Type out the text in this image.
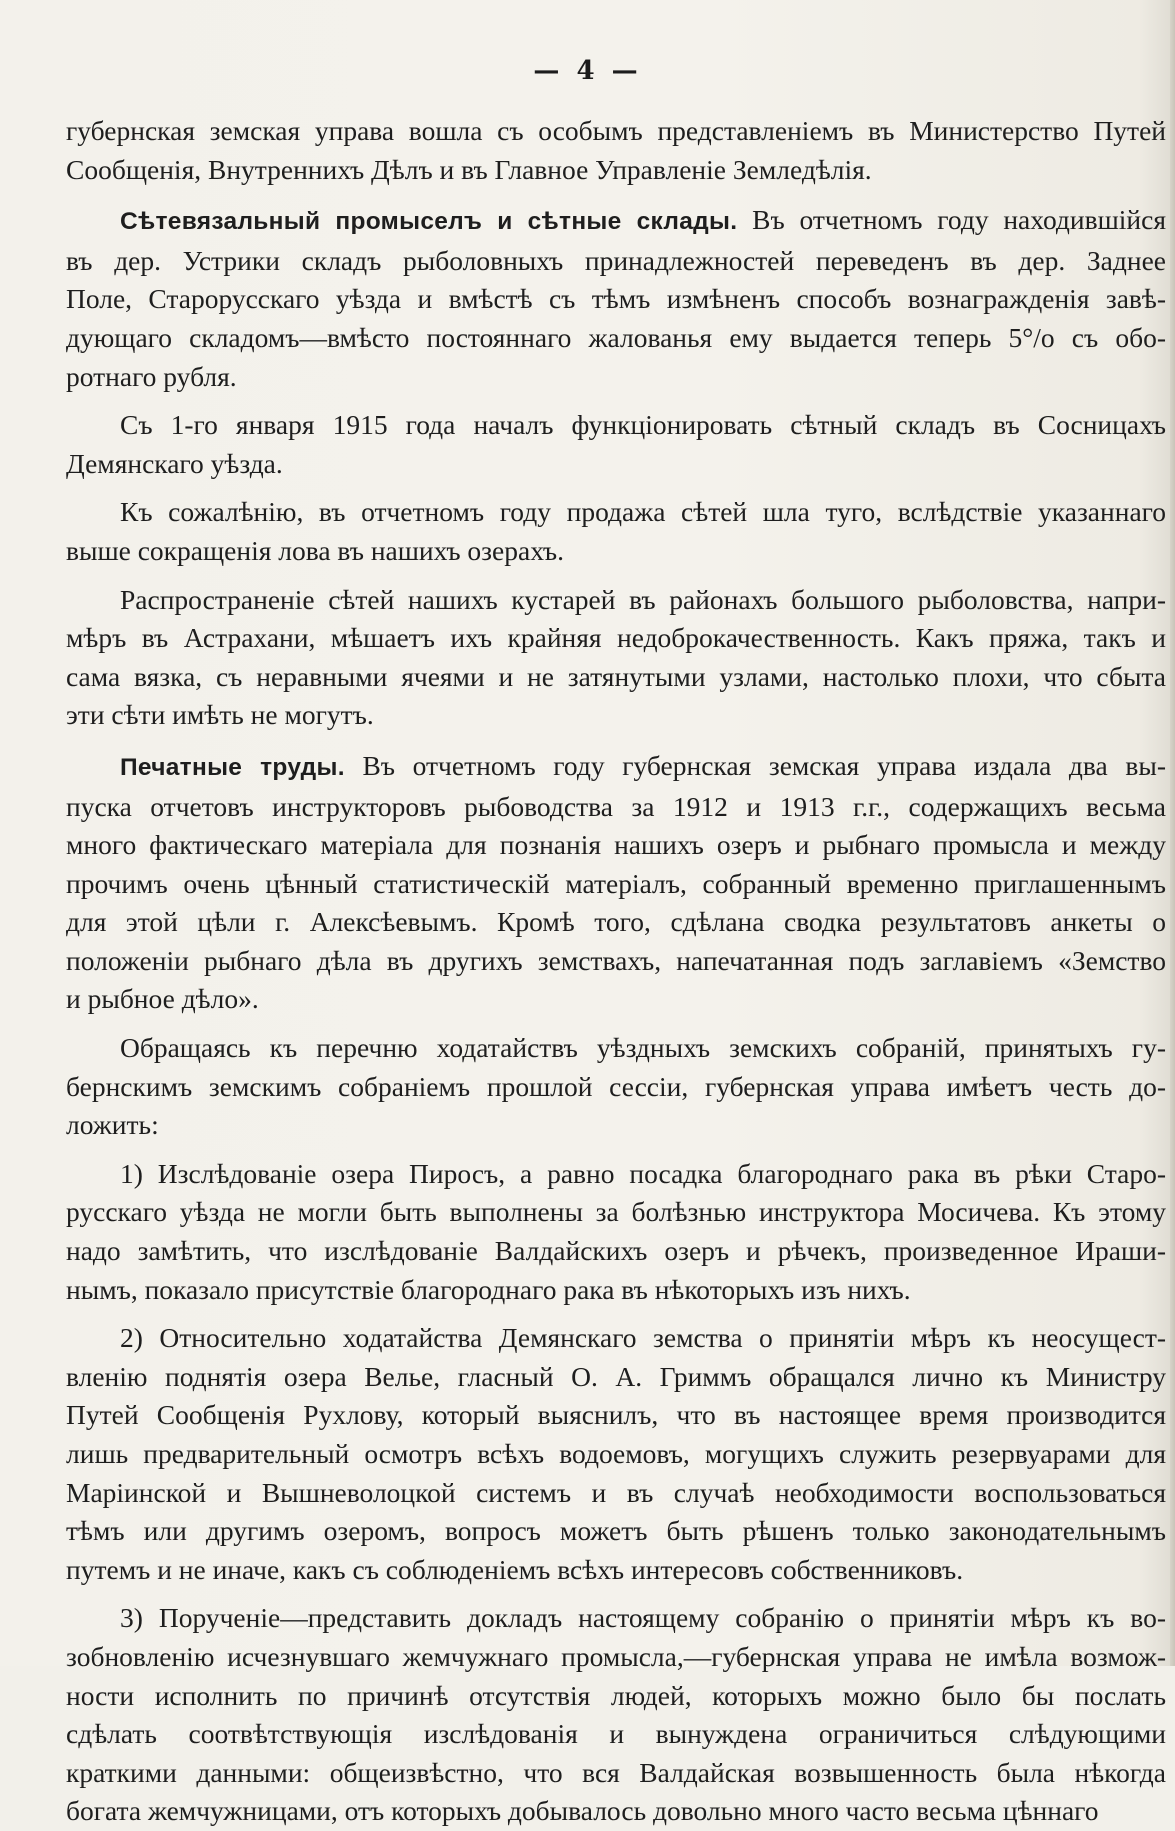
— 4 —

губернская земская управа вошла съ особымъ представленіемъ въ Министерство Путей
Сообщенія, Внутреннихъ Дѣлъ и въ Главное Управленіе Земледѣлія.

Сѣтевязальный промыселъ и сѣтные склады. Въ отчетномъ году находившійся
въ дер. Устрики складъ рыболовныхъ принадлежностей переведенъ въ дер. Заднее
Поле, Старорусскаго уѣзда и вмѣстѣ съ тѣмъ измѣненъ способъ вознагражденія завѣ-
дующаго складомъ—вмѣсто постояннаго жалованья ему выдается теперь 5°/о съ обо-
ротнаго рубля.

Съ 1-го января 1915 года началъ функціонировать сѣтный складъ въ Сосницахъ
Демянскаго уѣзда.

Къ сожалѣнію, въ отчетномъ году продажа сѣтей шла туго, вслѣдствіе указаннаго
выше сокращенія лова въ нашихъ озерахъ.

Распространеніе сѣтей нашихъ кустарей въ районахъ большого рыболовства, напри-
мѣръ въ Астрахани, мѣшаетъ ихъ крайняя недоброкачественность. Какъ пряжа, такъ и
сама вязка, съ неравными ячеями и не затянутыми узлами, настолько плохи, что сбыта
эти сѣти имѣть не могутъ.

Печатные труды. Въ отчетномъ году губернская земская управа издала два вы-
пуска отчетовъ инструкторовъ рыбоводства за 1912 и 1913 г.г., содержащихъ весьма
много фактическаго матеріала для познанія нашихъ озеръ и рыбнаго промысла и между
прочимъ очень цѣнный статистическій матеріалъ, собранный временно приглашеннымъ
для этой цѣли г. Алексѣевымъ. Кромѣ того, сдѣлана сводка результатовъ анкеты о
положеніи рыбнаго дѣла въ другихъ земствахъ, напечатанная подъ заглавіемъ «Земство
и рыбное дѣло».

Обращаясь къ перечню ходатайствъ уѣздныхъ земскихъ собраній, принятыхъ гу-
бернскимъ земскимъ собраніемъ прошлой сессіи, губернская управа имѣетъ честь до-
ложить:

1) Изслѣдованіе озера Пиросъ, а равно посадка благороднаго рака въ рѣки Старо-
русскаго уѣзда не могли быть выполнены за болѣзнью инструктора Мосичева. Къ этому
надо замѣтить, что изслѣдованіе Валдайскихъ озеръ и рѣчекъ, произведенное Ираши-
нымъ, показало присутствіе благороднаго рака въ нѣкоторыхъ изъ нихъ.

2) Относительно ходатайства Демянскаго земства о принятіи мѣръ къ неосущест-
вленію поднятія озера Велье, гласный О. А. Гриммъ обращался лично къ Министру
Путей Сообщенія Рухлову, который выяснилъ, что въ настоящее время производится
лишь предварительный осмотръ всѣхъ водоемовъ, могущихъ служить резервуарами для
Маріинской и Вышневолоцкой системъ и въ случаѣ необходимости воспользоваться
тѣмъ или другимъ озеромъ, вопросъ можетъ быть рѣшенъ только законодательнымъ
путемъ и не иначе, какъ съ соблюденіемъ всѣхъ интересовъ собственниковъ.

3) Порученіе—представить докладъ настоящему собранію о принятіи мѣръ къ во-
зобновленію исчезнувшаго жемчужнаго промысла,—губернская управа не имѣла возмож-
ности исполнить по причинѣ отсутствія людей, которыхъ можно было бы послать
сдѣлать соотвѣтствующія изслѣдованія и вынуждена ограничиться слѣдующими
краткими данными: общеизвѣстно, что вся Валдайская возвышенность была нѣкогда
богата жемчужницами, отъ которыхъ добывалось довольно много часто весьма цѣннаго
